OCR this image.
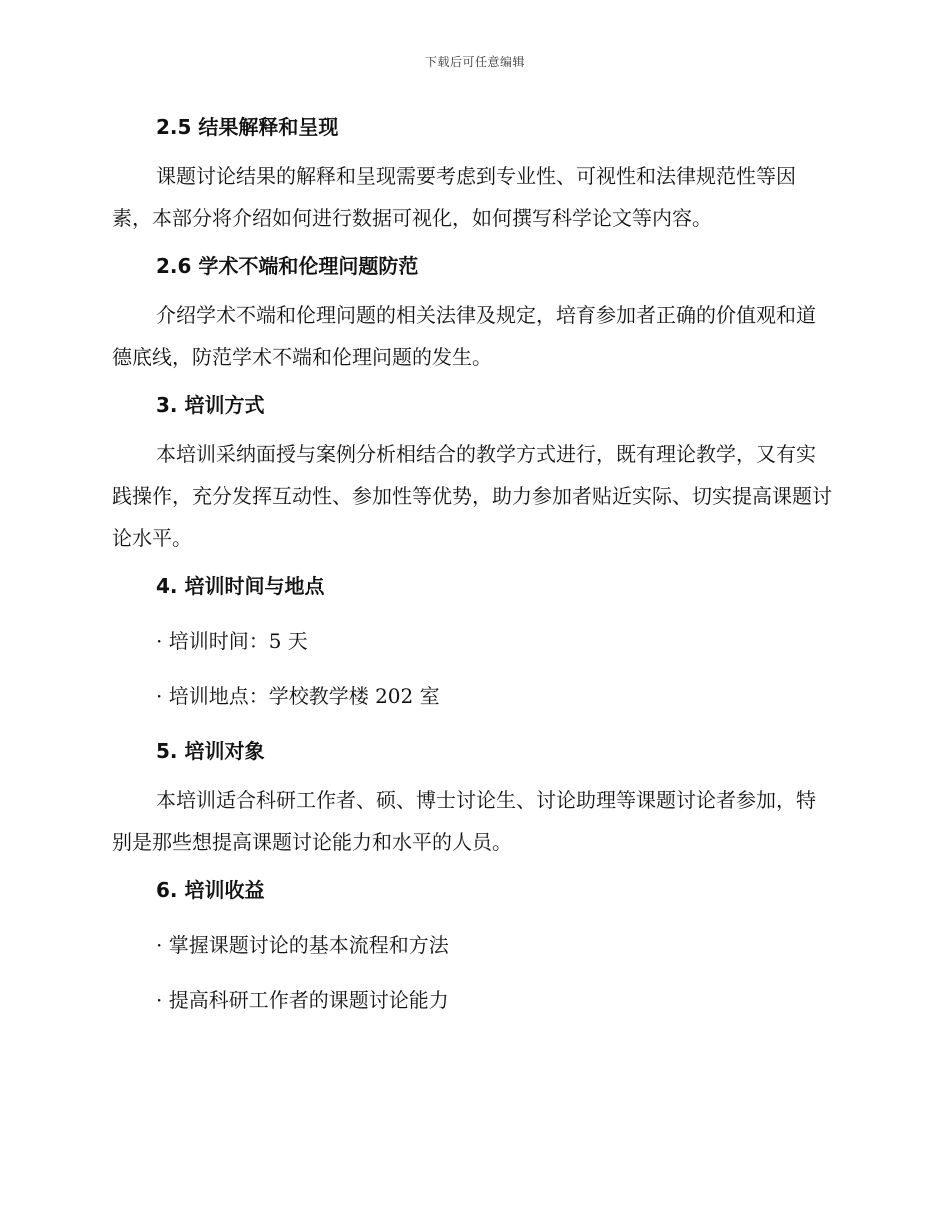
下载后可任意编辑
2.5 结果解释和呈现

课题讨论结果的解释和呈现需要考虑到专业性、可视性和法律规范性等因素，本部分将介绍如何进行数据可视化，如何撰写科学论文等内容。

2.6 学术不端和伦理问题防范

介绍学术不端和伦理问题的相关法律及规定，培育参加者正确的价值观和道德底线，防范学术不端和伦理问题的发生。

3. 培训方式

本培训采纳面授与案例分析相结合的教学方式进行，既有理论教学，又有实践操作，充分发挥互动性、参加性等优势，助力参加者贴近实际、切实提高课题讨论水平。

4. 培训时间与地点

· 培训时间：5 天

· 培训地点：学校教学楼 202 室

5. 培训对象

本培训适合科研工作者、硕、博士讨论生、讨论助理等课题讨论者参加，特别是那些想提高课题讨论能力和水平的人员。

6. 培训收益

· 掌握课题讨论的基本流程和方法

· 提高科研工作者的课题讨论能力
